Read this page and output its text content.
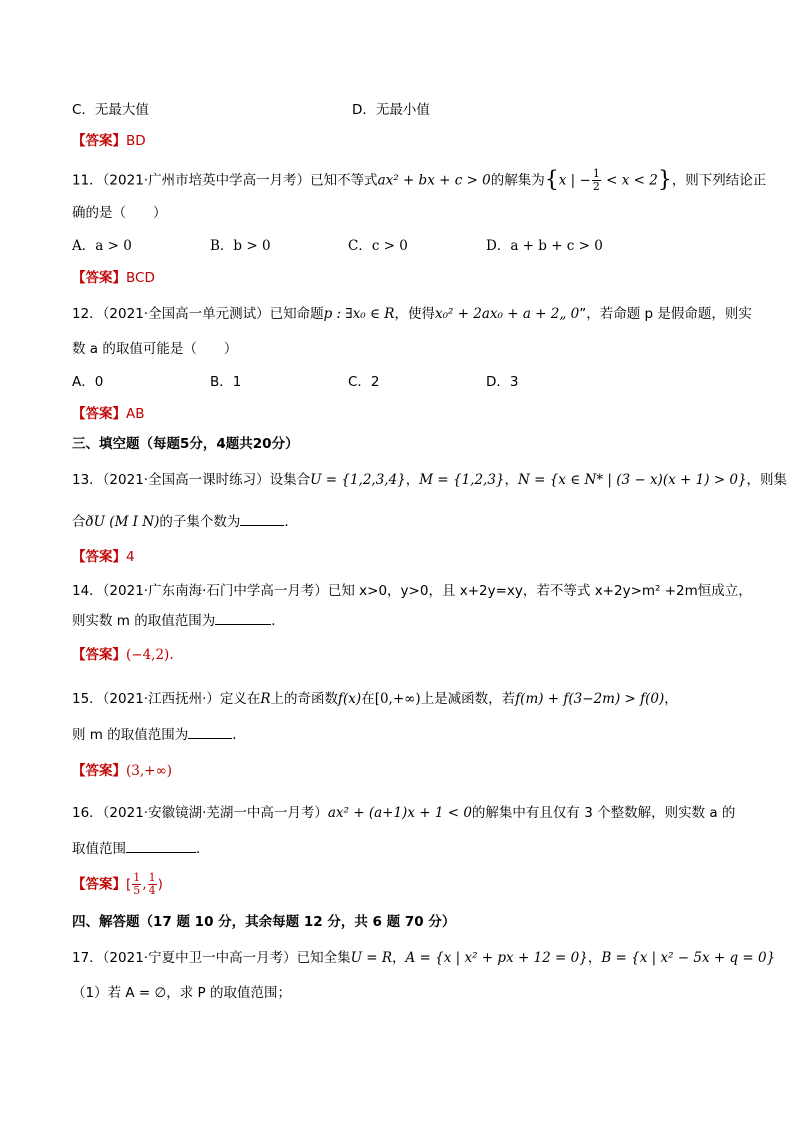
C．无最大值	D．无最小值
【答案】BD
11．（2021·广州市培英中学高一月考）已知不等式ax² + bx + c > 0的解集为{x | − $\frac{1}{2} < x < 2$}，则下列结论正
确的是（　　）
A．a > 0	B．b > 0	C．c > 0	D．a + b + c > 0
【答案】BCD
12．（2021·全国高一单元测试）已知命题p : ∃x₀ ∈ R，使得x₀² + 2ax₀ + a + 2„ 0”，若命题 p 是假命题，则实
数 a 的取值可能是（　　）
A．0	B．1	C．2	D．3
【答案】AB
三、填空题（每题5分，4题共20分）
13．（2021·全国高一课时练习）设集合U = {1,2,3,4}，M = {1,2,3}，N = {x ∈ N* | (3 − x)(x + 1) > 0}，则集
合ðU (M I N)的子集个数为	．
【答案】4
14．（2021·广东南海·石门中学高一月考）已知 x>0，y>0，且 x+2y=xy，若不等式 x+2y>m² +2m恒成立，
则实数 m 的取值范围为	．
【答案】(−4,2).
15．（2021·江西抚州·）定义在R上的奇函数f(x)在[0,+∞)上是减函数，若f(m) + f(3−2m) > f(0)，
则 m 的取值范围为	．
【答案】(3,+∞)
16．（2021·安徽镜湖·芜湖一中高一月考）ax² + (a+1)x + 1 < 0的解集中有且仅有 3 个整数解，则实数 a 的
取值范围	．
【答案】[ $\frac{1}{5}$ , $\frac{1}{4}$ )
四、解答题（17 题 10 分，其余每题 12 分，共 6 题 70 分）
17．（2021·宁夏中卫一中高一月考）已知全集U = R，A = {x | x² + px + 12 = 0}，B = {x | x² − 5x + q = 0}
（1）若 A = ∅，求 P 的取值范围；
